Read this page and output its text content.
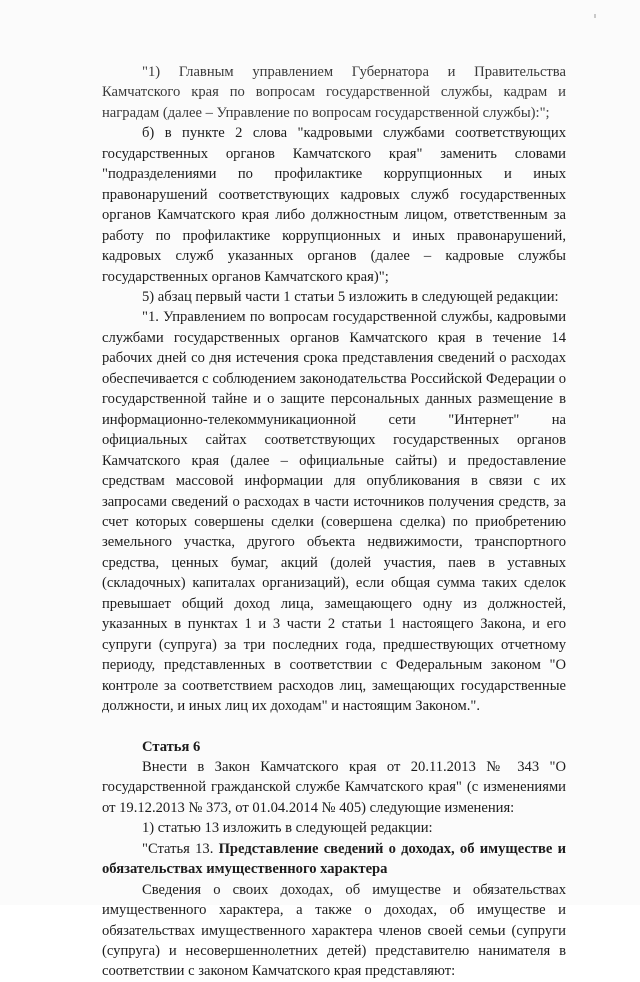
"1) Главным управлением Губернатора и Правительства Камчатского края по вопросам государственной службы, кадрам и наградам (далее – Управление по вопросам государственной службы):";

б) в пункте 2 слова "кадровыми службами соответствующих государственных органов Камчатского края" заменить словами "подразделениями по профилактике коррупционных и иных правонарушений соответствующих кадровых служб государственных органов Камчатского края либо должностным лицом, ответственным за работу по профилактике коррупционных и иных правонарушений, кадровых служб указанных органов (далее – кадровые службы государственных органов Камчатского края)";

5) абзац первый части 1 статьи 5 изложить в следующей редакции:

"1. Управлением по вопросам государственной службы, кадровыми службами государственных органов Камчатского края в течение 14 рабочих дней со дня истечения срока представления сведений о расходах обеспечивается с соблюдением законодательства Российской Федерации о государственной тайне и о защите персональных данных размещение в информационно-телекоммуникационной сети "Интернет" на официальных сайтах соответствующих государственных органов Камчатского края (далее – официальные сайты) и предоставление средствам массовой информации для опубликования в связи с их запросами сведений о расходах в части источников получения средств, за счет которых совершены сделки (совершена сделка) по приобретению земельного участка, другого объекта недвижимости, транспортного средства, ценных бумаг, акций (долей участия, паев в уставных (складочных) капиталах организаций), если общая сумма таких сделок превышает общий доход лица, замещающего одну из должностей, указанных в пунктах 1 и 3 части 2 статьи 1 настоящего Закона, и его супруги (супруга) за три последних года, предшествующих отчетному периоду, представленных в соответствии с Федеральным законом "О контроле за соответствием расходов лиц, замещающих государственные должности, и иных лиц их доходам" и настоящим Законом.".

Статья 6

Внести в Закон Камчатского края от 20.11.2013 № 343 "О государственной гражданской службе Камчатского края" (с изменениями от 19.12.2013 № 373, от 01.04.2014 № 405) следующие изменения:

1) статью 13 изложить в следующей редакции:

"Статья 13. Представление сведений о доходах, об имуществе и обязательствах имущественного характера

Сведения о своих доходах, об имуществе и обязательствах имущественного характера, а также о доходах, об имуществе и обязательствах имущественного характера членов своей семьи (супруги (супруга) и несовершеннолетних детей) представителю нанимателя в соответствии с законом Камчатского края представляют:
